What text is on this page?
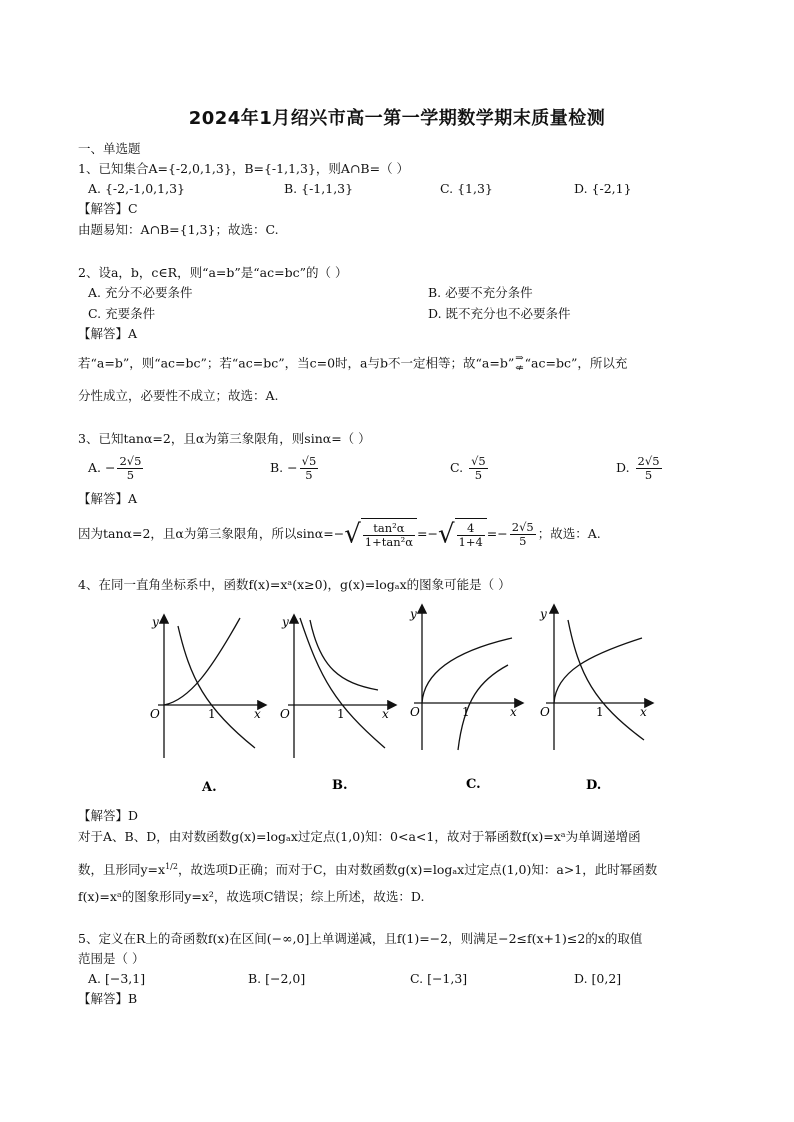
2024年1月绍兴市高一第一学期数学期末质量检测
一、单选题
1、已知集合A={-2,0,1,3}，B={-1,1,3}，则A∩B=（ ）
A. {-2,-1,0,1,3}	B. {-1,1,3}	C. {1,3}	D. {-2,1}
【解答】C
由题易知：A∩B={1,3}；故选：C.
2、设a，b，c∈R，则“a=b”是“ac=bc”的（ ）
A. 充分不必要条件	B. 必要不充分条件
C. 充要条件	D. 既不充分也不必要条件
【解答】A
若“a=b”，则“ac=bc”；若“ac=bc”，当c=0时，a与b不一定相等；故“a=b” ⇒
⇍ “ac=bc”，所以充
分性成立，必要性不成立；故选：A.
3、已知tanα=2，且α为第三象限角，则sinα=（ ）
A. − $\frac{2√5}{5}$	B. − $\frac{√5}{5}$	C. $\frac{√5}{5}$	D. $\frac{2√5}{5}$
【解答】A
因为tanα=2，且α为第三象限角，所以$\sin\alpha=-√ \frac{\text{tan²α}}{\text{1+tan²α}}$ =−√ $\frac{4}{1+4} =- \frac{2√5}{5}$ ；故选：A.
4、在同一直角坐标系中，函数f(x)=xᵃ(x≥0)，g(x)=logₐx的图象可能是（ ）
y
O	1	x
A.
y
O	1	x
B.
y
O	1	x
C.
y
O	1	x
D.
【解答】D
对于A、B、D，由对数函数g(x)=logₐx过定点(1,0)知：0<a<1，故对于幂函数f(x)=xᵃ为单调递增函
数，且形同$y=x^{1/2}$，故选项D正确；而对于C，由对数函数g(x)=logₐx过定点(1,0)知：a>1，此时幂函数
f(x)=xᵃ的图象形同y=x²，故选项C错误；综上所述，故选：D.
5、定义在R上的奇函数f(x)在区间(−∞,0]上单调递减，且f(1)=−2，则满足−2≤f(x+1)≤2的x的取值
范围是（ ）
A. [−3,1]	B. [−2,0]	C. [−1,3]	D. [0,2]
【解答】B
